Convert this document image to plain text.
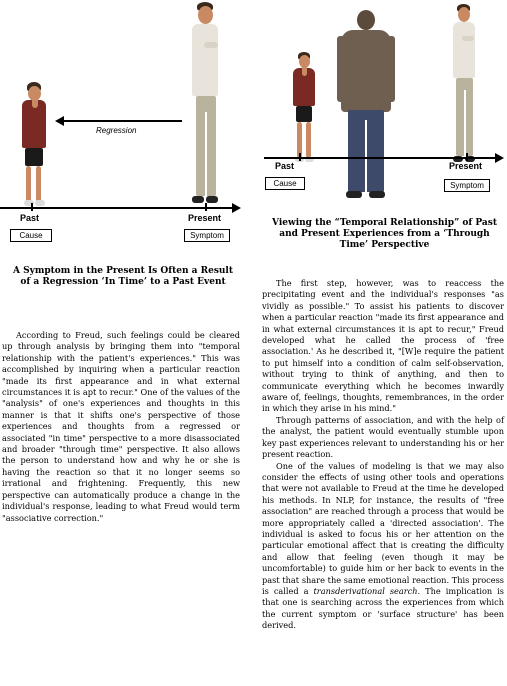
Regression
Past	Present
Cause	Symptom
A Symptom in the Present Is Often a Result
of a Regression ‘In Time’ to a Past Event
Past	Present
Cause	Symptom
Viewing the “Temporal Relationship” of Past
and Present Experiences from a ‘Through
Time’ Perspective

According to Freud, such feelings could be cleared up through analysis by bringing them into "temporal relationship with the patient's experiences." This was accomplished by inquiring when a particular reaction "made its first appearance and in what external circumstances it is apt to recur." One of the values of the "analysis" of one's experiences and thoughts in this manner is that it shifts one's perspective of those experiences and thoughts from a regressed or associated "in time" perspective to a more disassociated and broader "through time" perspective. It also allows the person to understand how and why he or she is having the reaction so that it no longer seems so irrational and frightening. Frequently, this new perspective can automatically produce a change in the individual's response, leading to what Freud would term "associative correction."

The first step, however, was to reaccess the precipitating event and the individual's responses "as vividly as possible." To assist his patients to discover when a particular reaction "made its first appearance and in what external circumstances it is apt to recur," Freud developed what he called the process of 'free association.' As he described it, "[W]e require the patient to put himself into a condition of calm self-observation, without trying to think of anything, and then to communicate everything which he becomes inwardly aware of, feelings, thoughts, remembrances, in the order in which they arise in his mind."

Through patterns of association, and with the help of the analyst, the patient would eventually stumble upon key past experiences relevant to understanding his or her present reaction.

One of the values of modeling is that we may also consider the effects of using other tools and operations that were not available to Freud at the time he developed his methods. In NLP, for instance, the results of "free association" are reached through a process that would be more appropriately called a 'directed association'. The individual is asked to focus his or her attention on the particular emotional affect that is creating the difficulty and allow that feeling (even though it may be uncomfortable) to guide him or her back to events in the past that share the same emotional reaction. This process is called a transderivational search. The implication is that one is searching across the experiences from which the current symptom or 'surface structure' has been derived.
